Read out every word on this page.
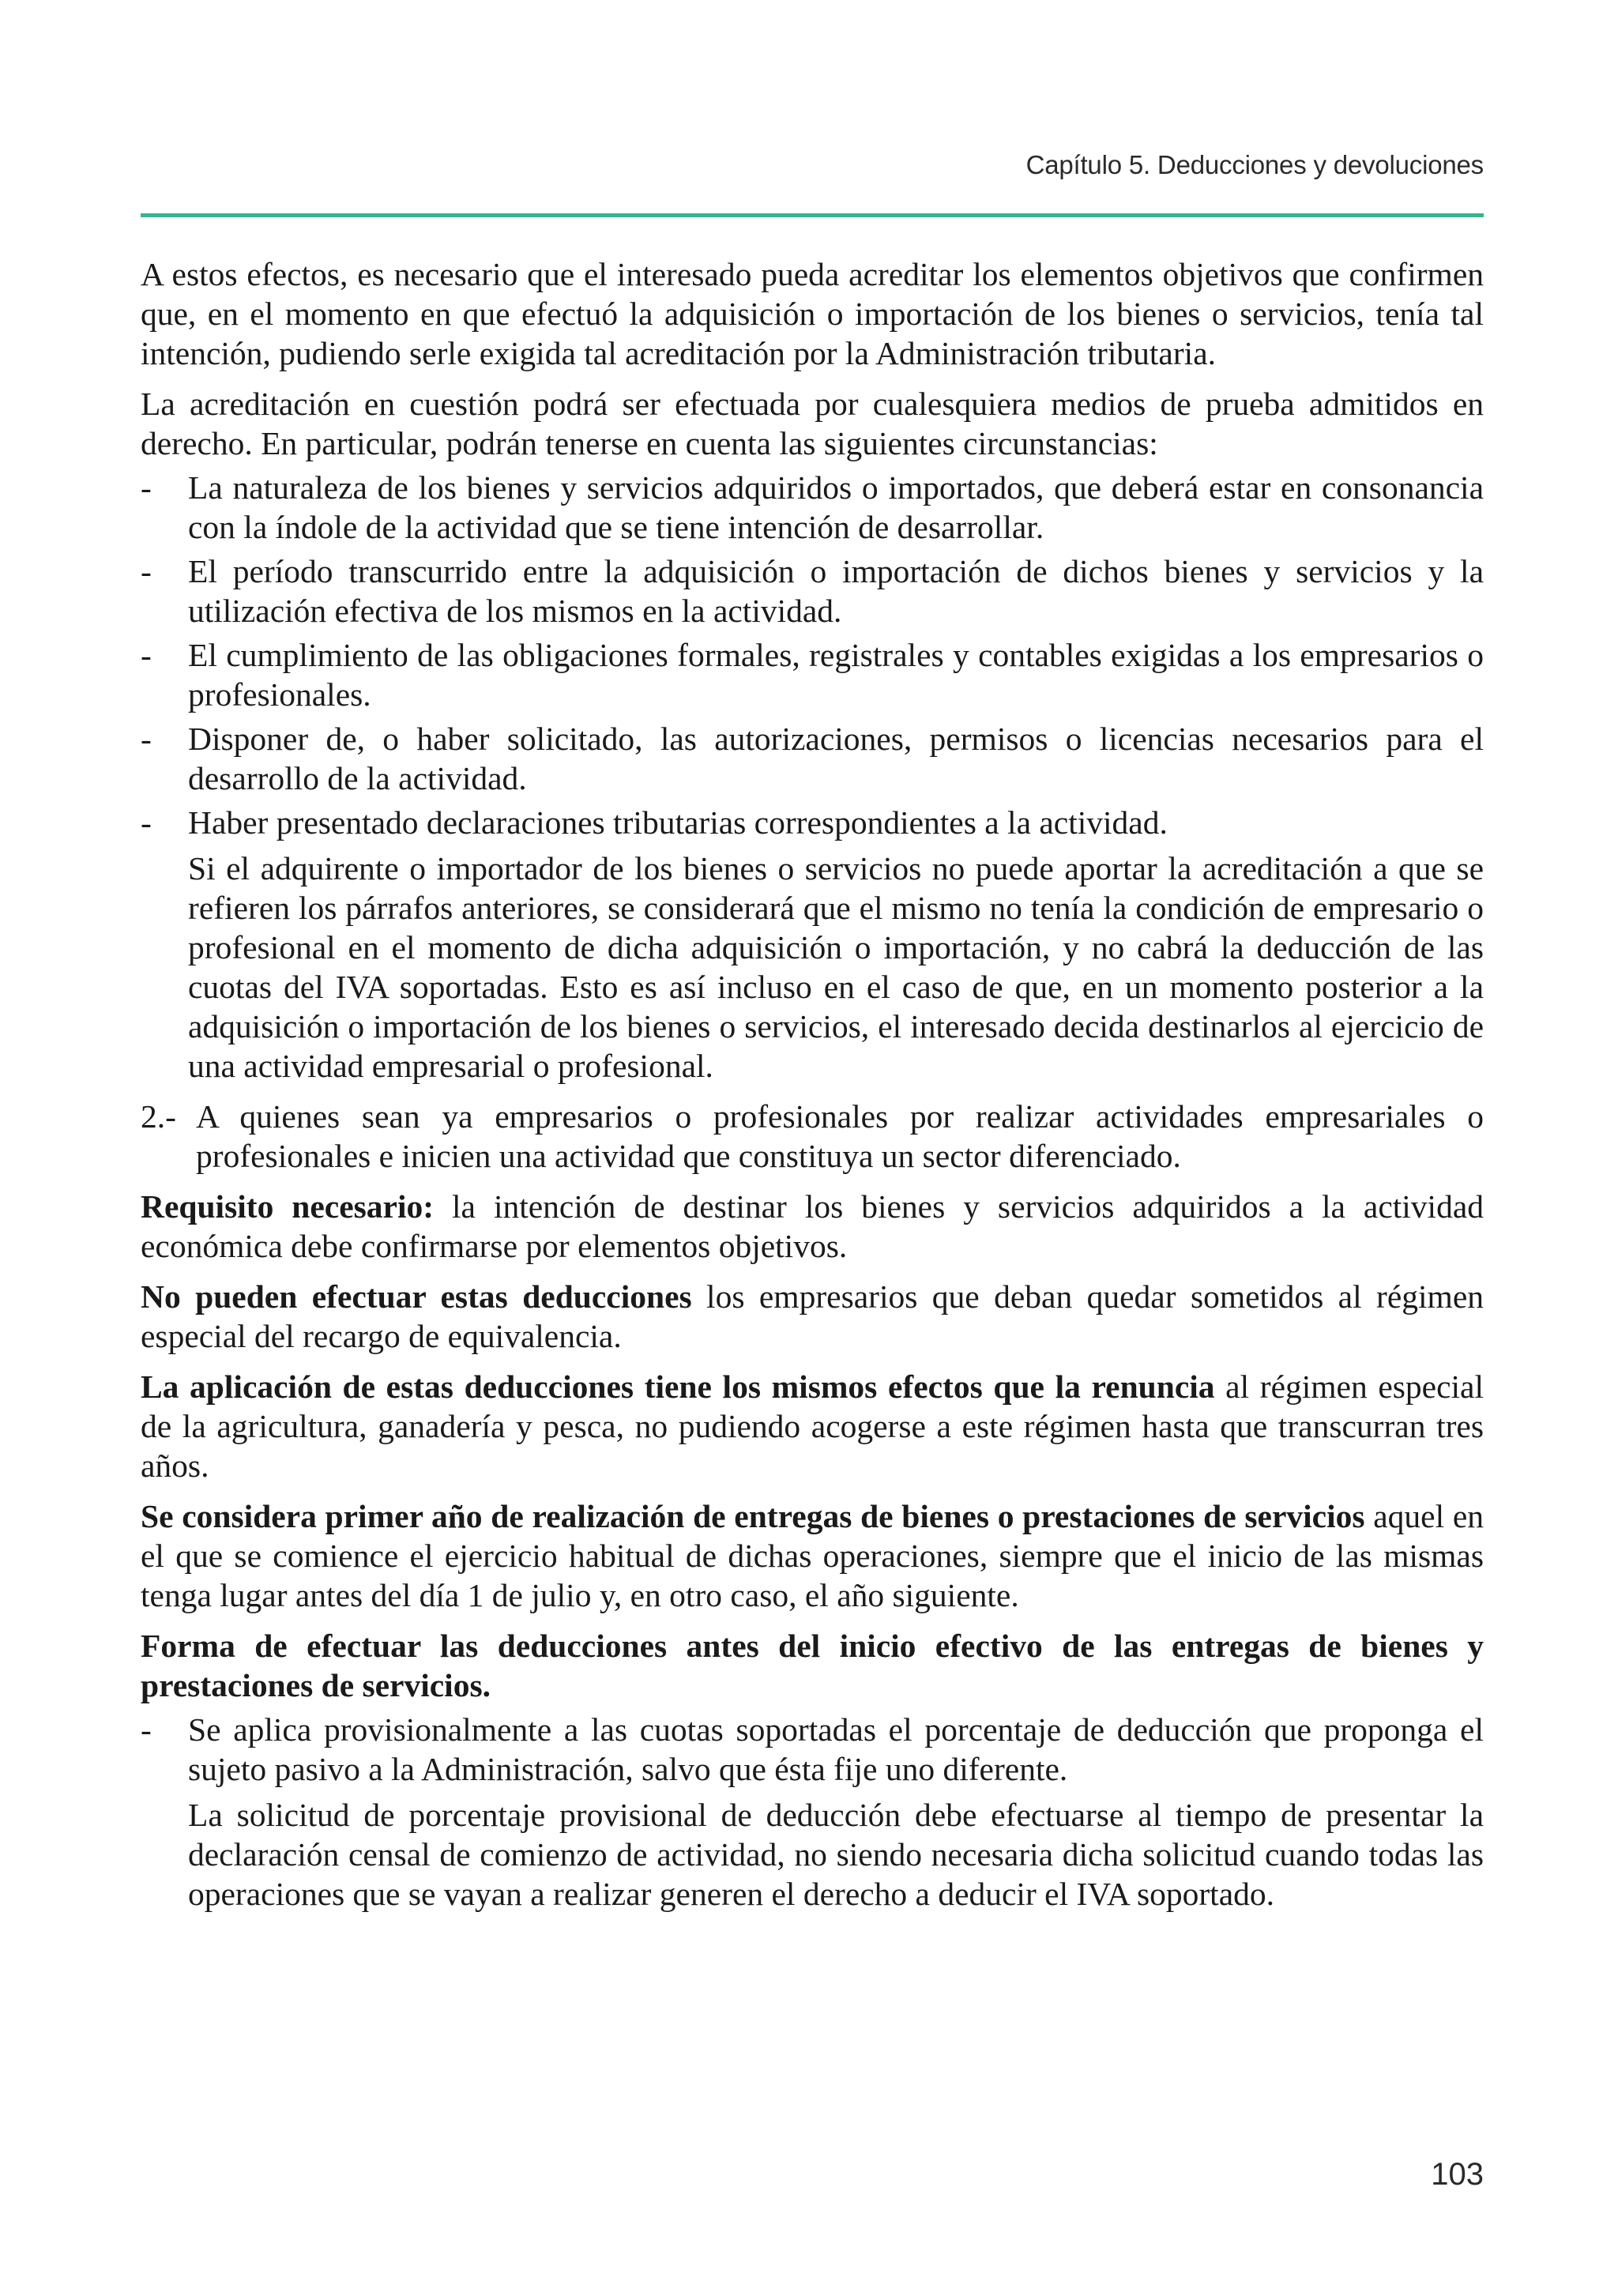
Capítulo 5. Deducciones y devoluciones

A estos efectos, es necesario que el interesado pueda acreditar los elementos objetivos que confirmen que, en el momento en que efectuó la adquisición o importación de los bienes o servicios, tenía tal intención, pudiendo serle exigida tal acreditación por la Administración tributaria.

La acreditación en cuestión podrá ser efectuada por cualesquiera medios de prueba admitidos en derecho. En particular, podrán tenerse en cuenta las siguientes circunstancias:

- La naturaleza de los bienes y servicios adquiridos o importados, que deberá estar en consonancia con la índole de la actividad que se tiene intención de desarrollar.
- El período transcurrido entre la adquisición o importación de dichos bienes y servicios y la utilización efectiva de los mismos en la actividad.
- El cumplimiento de las obligaciones formales, registrales y contables exigidas a los empresarios o profesionales.
- Disponer de, o haber solicitado, las autorizaciones, permisos o licencias necesarios para el desarrollo de la actividad.
- Haber presentado declaraciones tributarias correspondientes a la actividad.
Si el adquirente o importador de los bienes o servicios no puede aportar la acreditación a que se refieren los párrafos anteriores, se considerará que el mismo no tenía la condición de empresario o profesional en el momento de dicha adquisición o importación, y no cabrá la deducción de las cuotas del IVA soportadas. Esto es así incluso en el caso de que, en un momento posterior a la adquisición o importación de los bienes o servicios, el interesado decida destinarlos al ejercicio de una actividad empresarial o profesional.
2.- A quienes sean ya empresarios o profesionales por realizar actividades empresariales o profesionales e inicien una actividad que constituya un sector diferenciado.

Requisito necesario: la intención de destinar los bienes y servicios adquiridos a la actividad económica debe confirmarse por elementos objetivos.

No pueden efectuar estas deducciones los empresarios que deban quedar sometidos al régimen especial del recargo de equivalencia.

La aplicación de estas deducciones tiene los mismos efectos que la renuncia al régimen especial de la agricultura, ganadería y pesca, no pudiendo acogerse a este régimen hasta que transcurran tres años.

Se considera primer año de realización de entregas de bienes o prestaciones de servicios aquel en el que se comience el ejercicio habitual de dichas operaciones, siempre que el inicio de las mismas tenga lugar antes del día 1 de julio y, en otro caso, el año siguiente.

Forma de efectuar las deducciones antes del inicio efectivo de las entregas de bienes y prestaciones de servicios.

- Se aplica provisionalmente a las cuotas soportadas el porcentaje de deducción que proponga el sujeto pasivo a la Administración, salvo que ésta fije uno diferente.
La solicitud de porcentaje provisional de deducción debe efectuarse al tiempo de presentar la declaración censal de comienzo de actividad, no siendo necesaria dicha solicitud cuando todas las operaciones que se vayan a realizar generen el derecho a deducir el IVA soportado.
103
